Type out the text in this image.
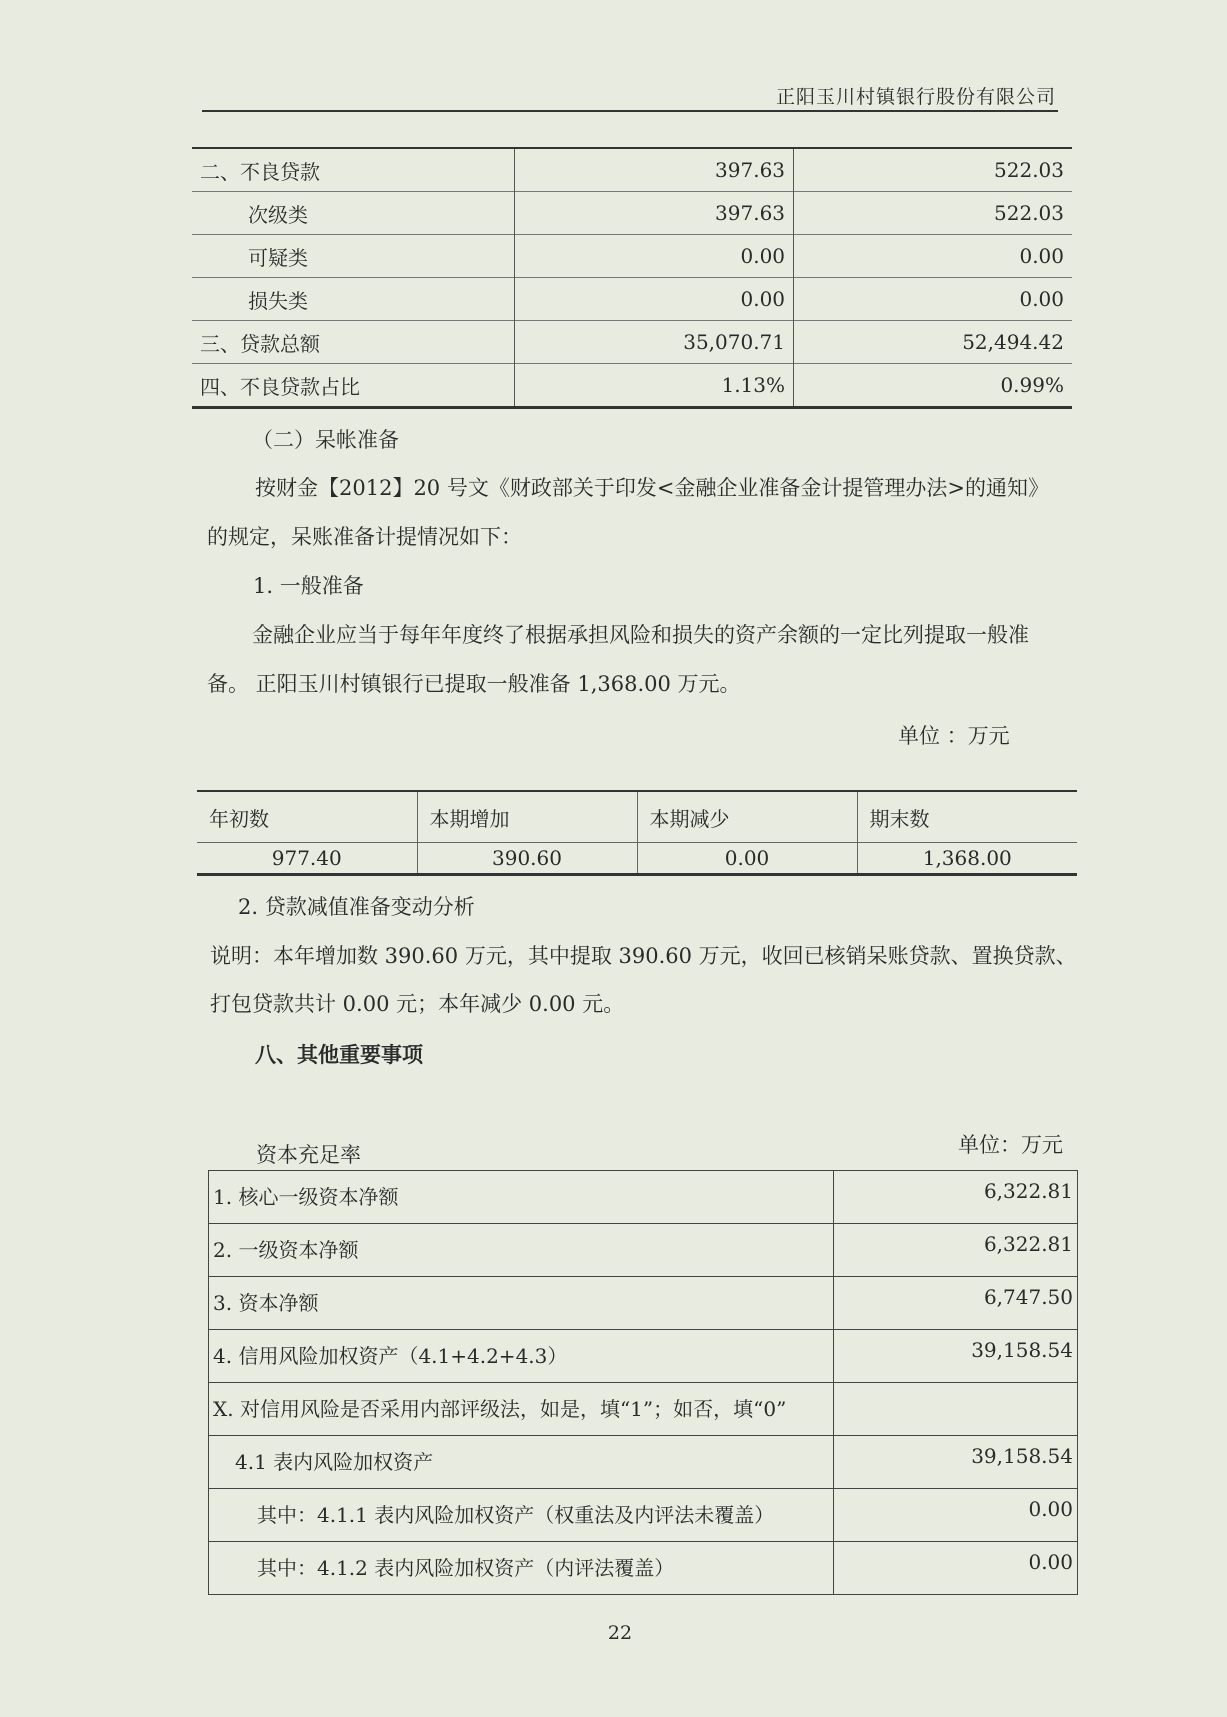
正阳玉川村镇银行股份有限公司
二、不良贷款	397.63	522.03
次级类	397.63	522.03
可疑类	0.00	0.00
损失类	0.00	0.00
三、贷款总额	35,070.71	52,494.42
四、不良贷款占比	1.13%	0.99%
（二）呆帐准备
按财金【2012】20 号文《财政部关于印发<金融企业准备金计提管理办法>的通知》
的规定，呆账准备计提情况如下：
1. 一般准备
金融企业应当于每年年度终了根据承担风险和损失的资产余额的一定比列提取一般准
备。 正阳玉川村镇银行已提取一般准备 1,368.00 万元。
单位 ：万元
年初数	本期增加	本期减少	期末数
977.40	390.60	0.00	1,368.00
2. 贷款减值准备变动分析
说明：本年增加数 390.60 万元，其中提取 390.60 万元，收回已核销呆账贷款、置换贷款、
打包贷款共计 0.00 元；本年减少 0.00 元。
八、其他重要事项
资本充足率	单位：万元
1. 核心一级资本净额	6,322.81
2. 一级资本净额	6,322.81
3. 资本净额	6,747.50
4. 信用风险加权资产（4.1+4.2+4.3）	39,158.54
X. 对信用风险是否采用内部评级法，如是，填“1”；如否，填“0”	
4.1 表内风险加权资产	39,158.54
其中：4.1.1 表内风险加权资产（权重法及内评法未覆盖）	0.00
其中：4.1.2 表内风险加权资产（内评法覆盖）	0.00
22
